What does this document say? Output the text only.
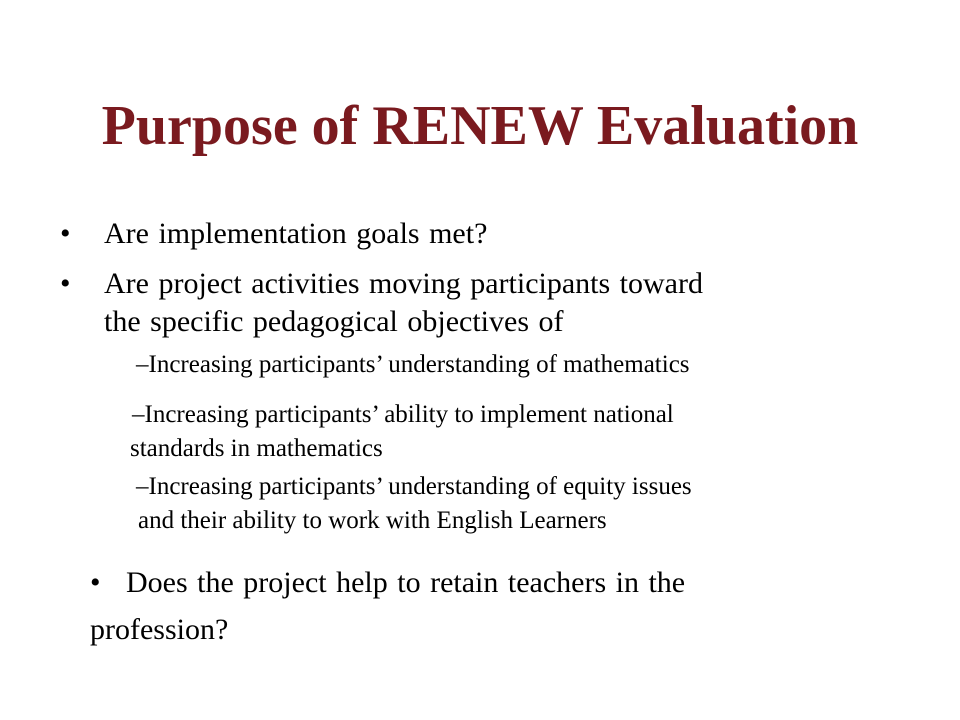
Purpose of RENEW Evaluation
• Are implementation goals met?
• Are project activities moving participants toward
the specific pedagogical objectives of
–Increasing participants’ understanding of mathematics
–Increasing participants’ ability to implement national
standards in mathematics
–Increasing participants’ understanding of equity issues
and their ability to work with English Learners
• Does the project help to retain teachers in the
profession?
